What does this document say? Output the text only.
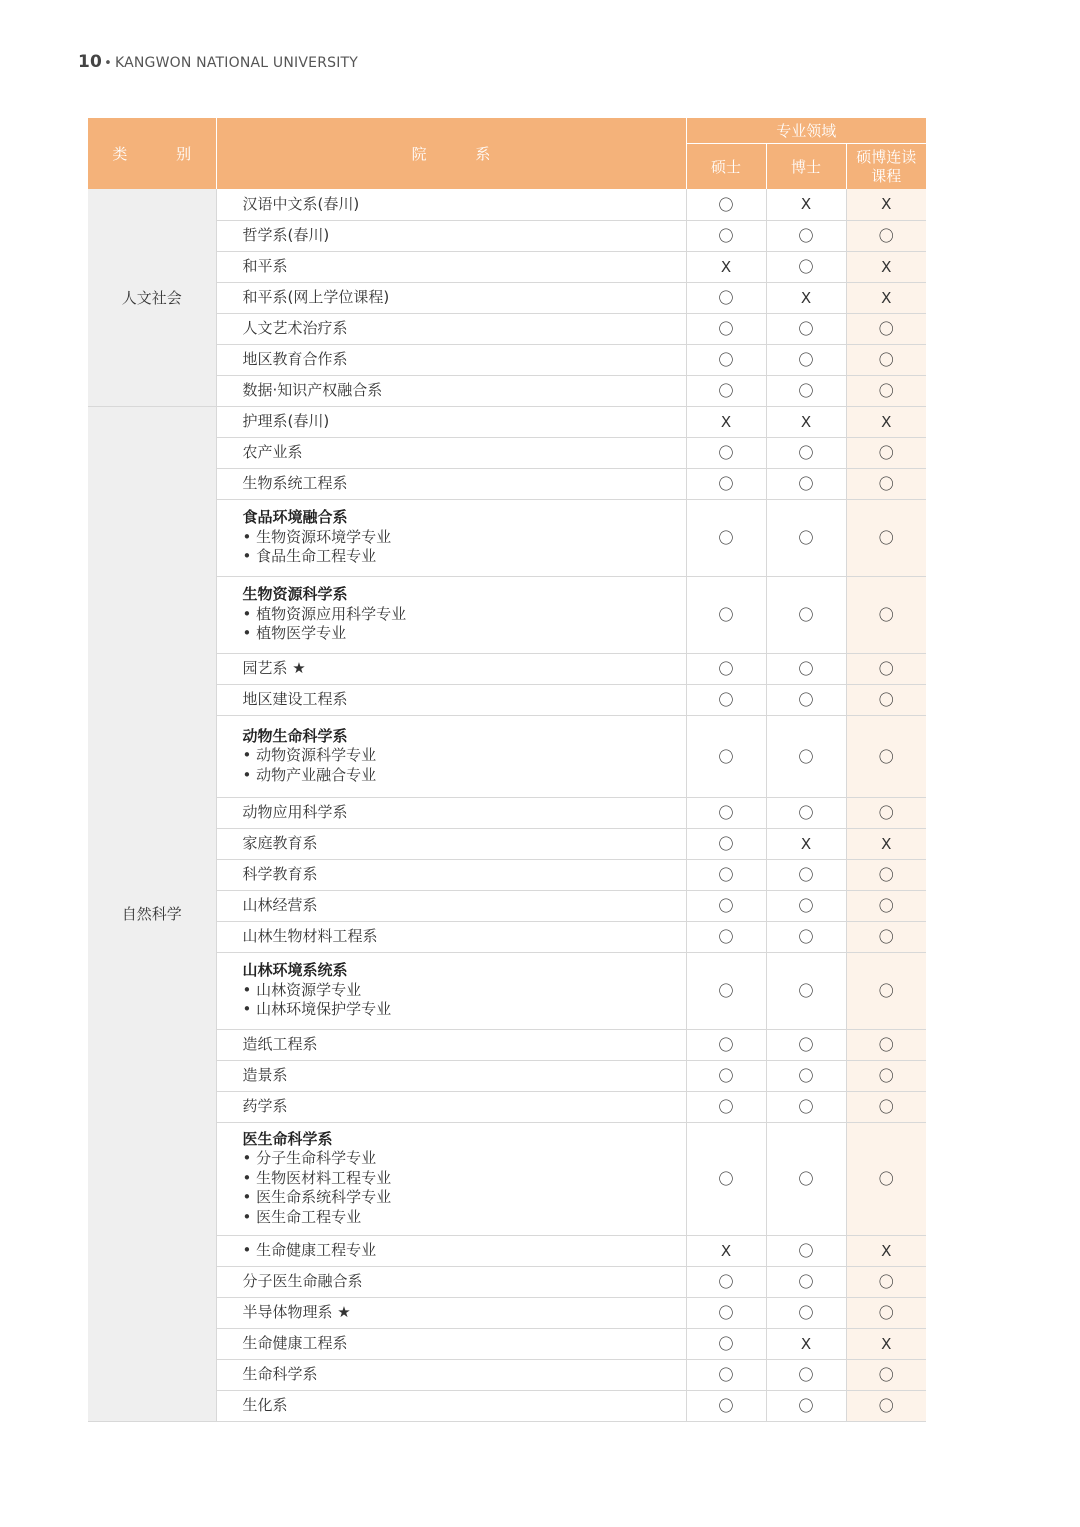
10 • KANGWON NATIONAL UNIVERSITY
类 别	院 系	专业领域		
		硕士	博士	硕博连读课程
人文社会	汉语中文系(春川)	〇	X	X
	哲学系(春川)	〇	〇	〇
	和平系	X	〇	X
	和平系(网上学位课程)	〇	X	X
	人文艺术治疗系	〇	〇	〇
	地区教育合作系	〇	〇	〇
	数据·知识产权融合系	〇	〇	〇
自然科学	护理系(春川)	X	X	X
	农产业系	〇	〇	〇
	生物系统工程系	〇	〇	〇

	食品环境融合系
• 生物资源环境学专业
• 食品生命工程专业	〇	〇	〇

	生物资源科学系
• 植物资源应用科学专业
• 植物医学专业	〇	〇	〇
	园艺系 ★	〇	〇	〇
	地区建设工程系	〇	〇	〇

	动物生命科学系
• 动物资源科学专业
• 动物产业融合专业	〇	〇	〇
	动物应用科学系	〇	〇	〇
	家庭教育系	〇	X	X
	科学教育系	〇	〇	〇
	山林经营系	〇	〇	〇
	山林生物材料工程系	〇	〇	〇

	山林环境系统系
• 山林资源学专业
• 山林环境保护学专业	〇	〇	〇
	造纸工程系	〇	〇	〇
	造景系	〇	〇	〇
	药学系	〇	〇	〇

	医生命科学系
• 分子生命科学专业
• 生物医材料工程专业
• 医生命系统科学专业
• 医生命工程专业	〇	〇	〇
	• 生命健康工程专业	X	〇	X
	分子医生命融合系	〇	〇	〇
	半导体物理系 ★	〇	〇	〇
	生命健康工程系	〇	X	X
	生命科学系	〇	〇	〇
	生化系	〇	〇	〇
